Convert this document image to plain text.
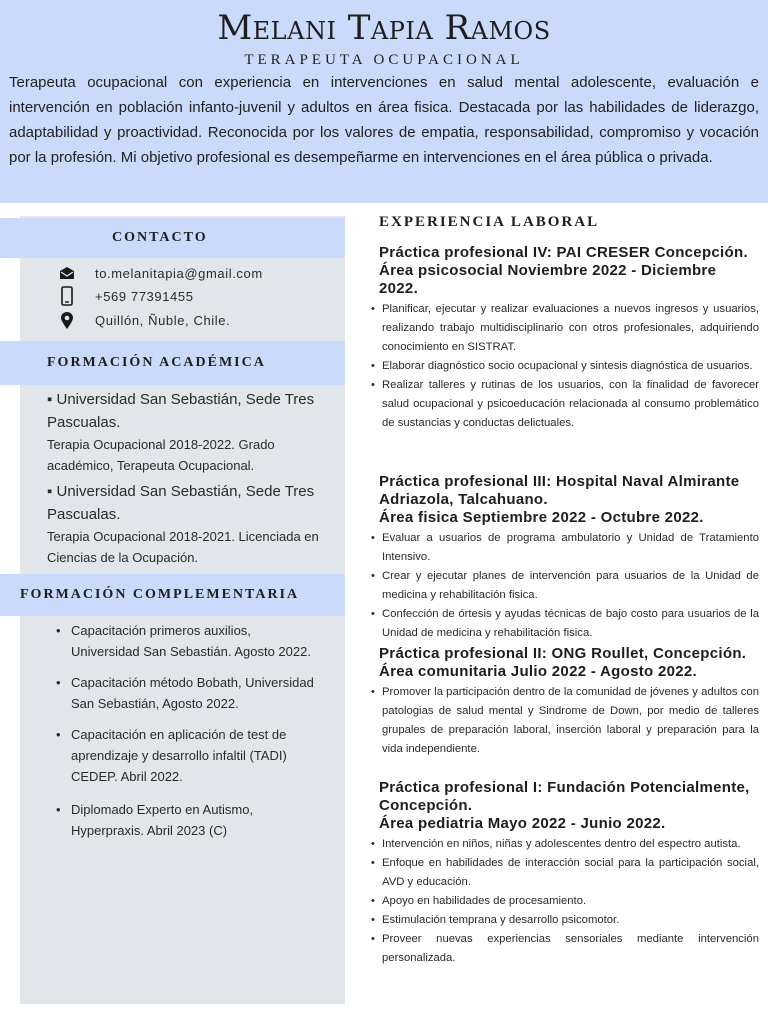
Melani Tapia Ramos
TERAPEUTA OCUPACIONAL
Terapeuta ocupacional con experiencia en intervenciones en salud mental adolescente, evaluación e intervención en población infanto-juvenil y adultos en área fisica. Destacada por las habilidades de liderazgo, adaptabilidad y proactividad. Reconocida por los valores de empatia, responsabilidad, compromiso y vocación por la profesión. Mi objetivo profesional es desempeñarme en intervenciones en el área pública o privada.
CONTACTO
to.melanitapia@gmail.com
+569 77391455
Quillón, Ñuble, Chile.
FORMACIÓN ACADÉMICA
▪ Universidad San Sebastián, Sede Tres Pascualas.
Terapia Ocupacional 2018-2022. Grado académico, Terapeuta Ocupacional.
▪ Universidad San Sebastián, Sede Tres Pascualas.
Terapia Ocupacional 2018-2021. Licenciada en Ciencias de la Ocupación.
FORMACIÓN COMPLEMENTARIA
• Capacitación primeros auxilios, Universidad San Sebastián. Agosto 2022.
• Capacitación método Bobath, Universidad San Sebastián, Agosto 2022.
• Capacitación en aplicación de test de aprendizaje y desarrollo infaltil (TADI) CEDEP. Abril 2022.
• Diplomado Experto en Autismo, Hyperpraxis. Abril 2023 (C)
EXPERIENCIA LABORAL
Práctica profesional IV: PAI CRESER Concepción.
Área psicosocial Noviembre 2022 - Diciembre 2022.
• Planificar, ejecutar y realizar evaluaciones a nuevos ingresos y usuarios, realizando trabajo multidisciplinario con otros profesionales, adquiriendo conocimiento en SISTRAT.
• Elaborar diagnóstico socio ocupacional y sintesis diagnóstica de usuarios.
• Realizar talleres y rutinas de los usuarios, con la finalidad de favorecer salud ocupacional y psicoeducación relacionada al consumo problemático de sustancias y conductas delictuales.
Práctica profesional III: Hospital Naval Almirante Adriazola, Talcahuano.
Área fisica Septiembre 2022 - Octubre 2022.
• Evaluar a usuarios de programa ambulatorio y Unidad de Tratamiento Intensivo.
• Crear y ejecutar planes de intervención para usuarios de la Unidad de medicina y rehabilitación fisica.
• Confección de órtesis y ayudas técnicas de bajo costo para usuarios de la Unidad de medicina y rehabilitación fisica.
Práctica profesional II: ONG Roullet, Concepción.
Área comunitaria Julio 2022 - Agosto 2022.
• Promover la participación dentro de la comunidad de jóvenes y adultos con patologias de salud mental y Sindrome de Down, por medio de talleres grupales de preparación laboral, inserción laboral y preparación para la vida independiente.
Práctica profesional I: Fundación Potencialmente, Concepción.
Área pediatria Mayo 2022 - Junio 2022.
• Intervención en niños, niñas y adolescentes dentro del espectro autista.
• Enfoque en habilidades de interacción social para la participación social, AVD y educación.
• Apoyo en habilidades de procesamiento.
• Estimulación temprana y desarrollo psicomotor.
• Proveer nuevas experiencias sensoriales mediante intervención personalizada.
